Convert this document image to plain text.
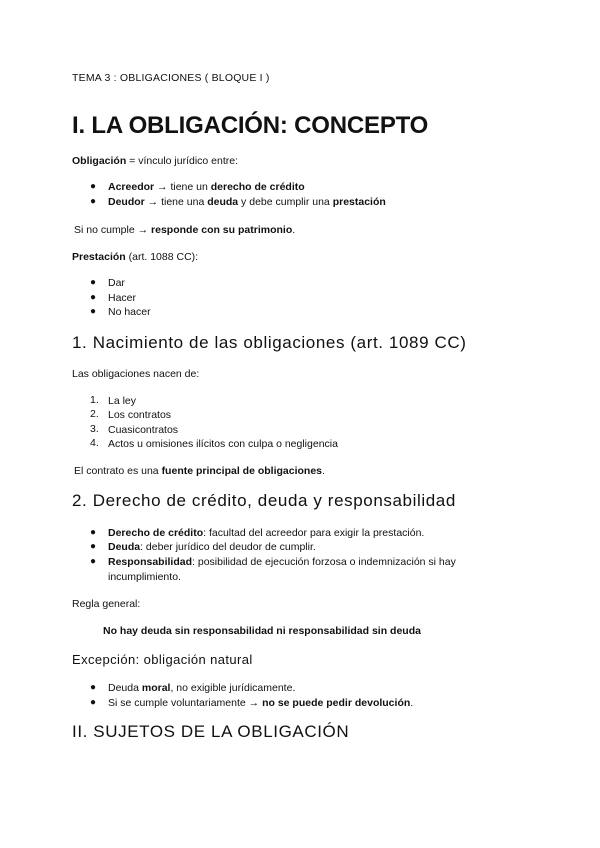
TEMA 3 : OBLIGACIONES ( BLOQUE I )
I. LA OBLIGACIÓN: CONCEPTO
Obligación = vínculo jurídico entre:
● Acreedor → tiene un derecho de crédito
● Deudor → tiene una deuda y debe cumplir una prestación
Si no cumple → responde con su patrimonio.
Prestación (art. 1088 CC):
● Dar
● Hacer
● No hacer
1. Nacimiento de las obligaciones (art. 1089 CC)
Las obligaciones nacen de:
1. La ley
2. Los contratos
3. Cuasicontratos
4. Actos u omisiones ilícitos con culpa o negligencia
El contrato es una fuente principal de obligaciones.
2. Derecho de crédito, deuda y responsabilidad
● Derecho de crédito: facultad del acreedor para exigir la prestación.
● Deuda: deber jurídico del deudor de cumplir.
● Responsabilidad: posibilidad de ejecución forzosa o indemnización si hay
incumplimiento.
Regla general:
No hay deuda sin responsabilidad ni responsabilidad sin deuda
Excepción: obligación natural
● Deuda moral, no exigible jurídicamente.
● Si se cumple voluntariamente → no se puede pedir devolución.
II. SUJETOS DE LA OBLIGACIÓN
